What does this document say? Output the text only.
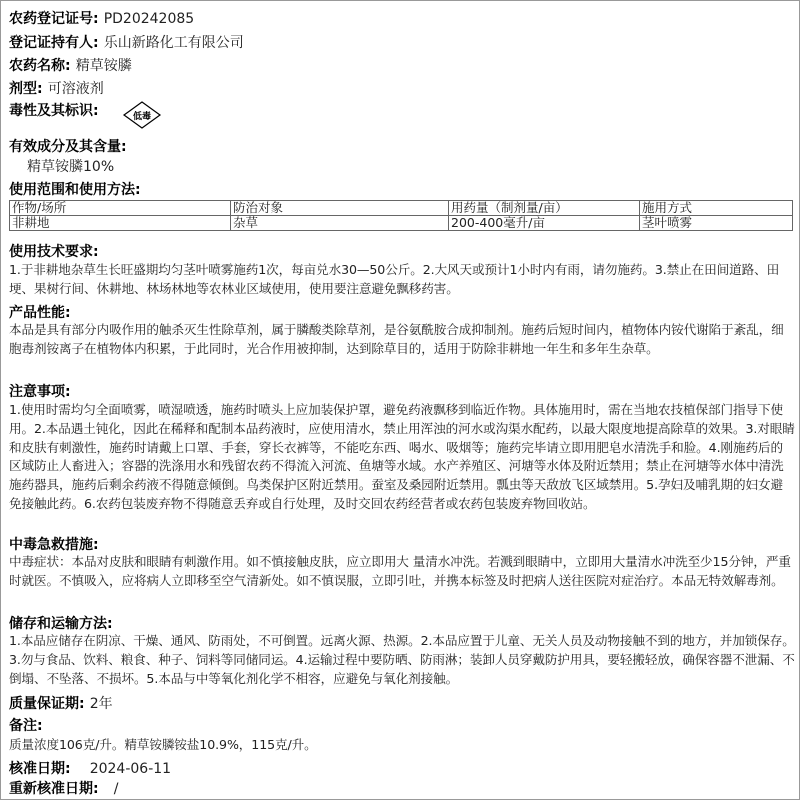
农药登记证号: PD20242085
登记证持有人: 乐山新路化工有限公司
农药名称: 精草铵膦
剂型: 可溶液剂
毒性及其标识:	低毒
有效成分及其含量:
精草铵膦10%
使用范围和使用方法:
作物/场所	防治对象	用药量（制剂量/亩）	施用方式
非耕地	杂草	200-400毫升/亩	茎叶喷雾
使用技术要求:
1.于非耕地杂草生长旺盛期均匀茎叶喷雾施药1次，每亩兑水30—50公斤。2.大风天或预计1小时内有雨，请勿施药。3.禁止在田间道路、田埂、果树行间、休耕地、林场林地等农林业区域使用，使用要注意避免飘移药害。
产品性能:
本品是具有部分内吸作用的触杀灭生性除草剂，属于膦酸类除草剂，是谷氨酰胺合成抑制剂。施药后短时间内，植物体内铵代谢陷于紊乱，细胞毒剂铵离子在植物体内积累，于此同时，光合作用被抑制，达到除草目的，适用于防除非耕地一年生和多年生杂草。
注意事项:
1.使用时需均匀全面喷雾，喷湿喷透，施药时喷头上应加装保护罩，避免药液飘移到临近作物。具体施用时，需在当地农技植保部门指导下使用。2.本品遇土钝化，因此在稀释和配制本品药液时，应使用清水，禁止用浑浊的河水或沟渠水配药，以最大限度地提高除草的效果。3.对眼睛和皮肤有刺激性，施药时请戴上口罩、手套，穿长衣裤等，不能吃东西、喝水、吸烟等；施药完毕请立即用肥皂水清洗手和脸。4.刚施药后的区域防止人畜进入；容器的洗涤用水和残留农药不得流入河流、鱼塘等水域。水产养殖区、河塘等水体及附近禁用；禁止在河塘等水体中清洗施药器具，施药后剩余药液不得随意倾倒。鸟类保护区附近禁用。蚕室及桑园附近禁用。瓢虫等天敌放飞区域禁用。5.孕妇及哺乳期的妇女避免接触此药。6.农药包装废弃物不得随意丢弃或自行处理，及时交回农药经营者或农药包装废弃物回收站。
中毒急救措施:
中毒症状：本品对皮肤和眼睛有刺激作用。如不慎接触皮肤，应立即用大 量清水冲洗。若溅到眼睛中，立即用大量清水冲洗至少15分钟，严重时就医。不慎吸入，应将病人立即移至空气清新处。如不慎误服，立即引吐，并携本标签及时把病人送往医院对症治疗。本品无特效解毒剂。
储存和运输方法:
1.本品应储存在阴凉、干燥、通风、防雨处，不可倒置。远离火源、热源。2.本品应置于儿童、无关人员及动物接触不到的地方，并加锁保存。3.勿与食品、饮料、粮食、种子、饲料等同储同运。4.运输过程中要防晒、防雨淋；装卸人员穿戴防护用具，要轻搬轻放，确保容器不泄漏、不倒塌、不坠落、不损坏。5.本品与中等氧化剂化学不相容，应避免与氧化剂接触。
质量保证期: 2年
备注:
质量浓度106克/升。精草铵膦铵盐10.9%，115克/升。
核准日期: 2024-06-11
重新核准日期: /
